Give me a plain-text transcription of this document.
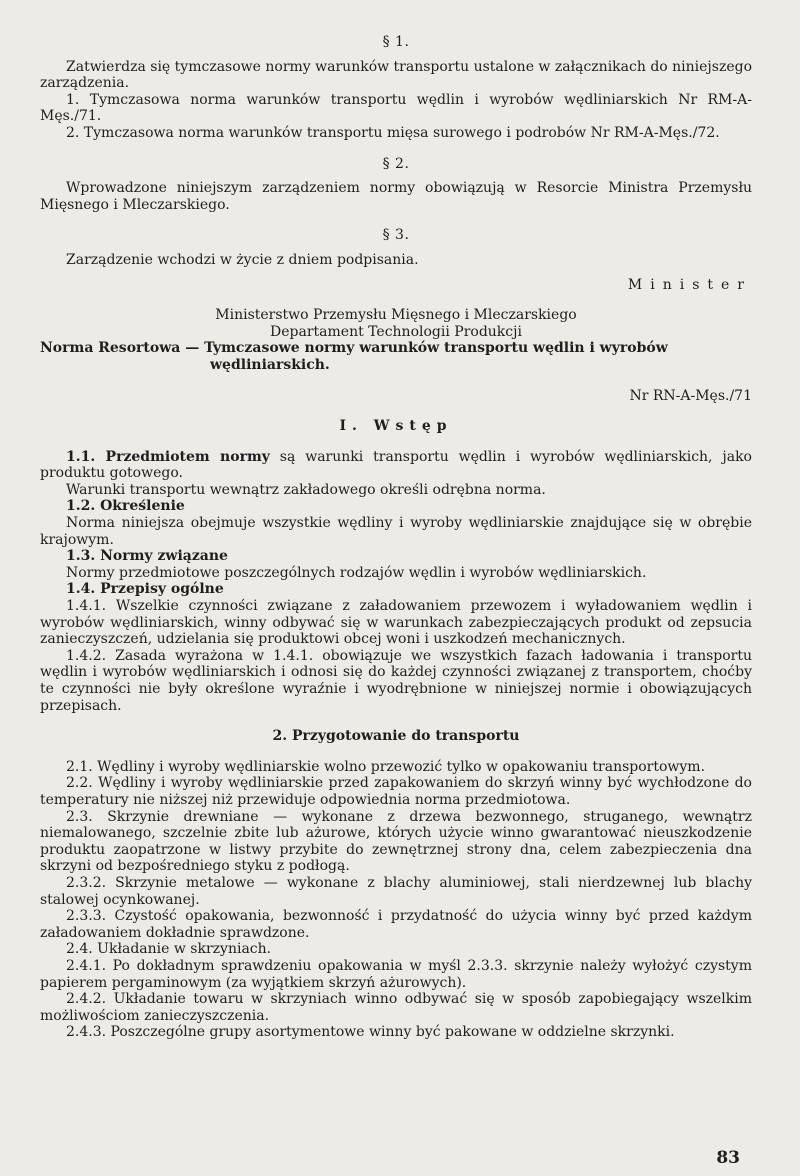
§ 1.

Zatwierdza się tymczasowe normy warunków transportu ustalone w załącznikach do niniejszego zarządzenia.

1. Tymczasowa norma warunków transportu wędlin i wyrobów wędliniarskich Nr RM-A-Męs./71.

2. Tymczasowa norma warunków transportu mięsa surowego i podrobów Nr RM-A-Męs./72.

§ 2.

Wprowadzone niniejszym zarządzeniem normy obowiązują w Resorcie Ministra Przemysłu Mięsnego i Mleczarskiego.

§ 3.

Zarządzenie wchodzi w życie z dniem podpisania.

Minister

Ministerstwo Przemysłu Mięsnego i Mleczarskiego

Departament Technologii Produkcji

Norma Resortowa — Tymczasowe normy warunków transportu wędlin i wyrobów wędliniarskich.

Nr RN-A-Męs./71

I. Wstęp

1.1. Przedmiotem normy są warunki transportu wędlin i wyrobów wędliniarskich, jako produktu gotowego.

Warunki transportu wewnątrz zakładowego określi odrębna norma.

1.2. Określenie

Norma niniejsza obejmuje wszystkie wędliny i wyroby wędliniarskie znajdujące się w obrębie krajowym.

1.3. Normy związane

Normy przedmiotowe poszczególnych rodzajów wędlin i wyrobów wędliniarskich.

1.4. Przepisy ogólne

1.4.1. Wszelkie czynności związane z załadowaniem przewozem i wyładowaniem wędlin i wyrobów wędliniarskich, winny odbywać się w warunkach zabezpieczających produkt od zepsucia zanieczyszczeń, udzielania się produktowi obcej woni i uszkodzeń mechanicznych.

1.4.2. Zasada wyrażona w 1.4.1. obowiązuje we wszystkich fazach ładowania i transportu wędlin i wyrobów wędliniarskich i odnosi się do każdej czynności związanej z transportem, choćby te czynności nie były określone wyraźnie i wyodrębnione w niniejszej normie i obowiązujących przepisach.

2. Przygotowanie do transportu

2.1. Wędliny i wyroby wędliniarskie wolno przewozić tylko w opakowaniu transportowym.

2.2. Wędliny i wyroby wędliniarskie przed zapakowaniem do skrzyń winny być wychłodzone do temperatury nie niższej niż przewiduje odpowiednia norma przedmiotowa.

2.3. Skrzynie drewniane — wykonane z drzewa bezwonnego, struganego, wewnątrz niemalowanego, szczelnie zbite lub ażurowe, których użycie winno gwarantować nieuszkodzenie produktu zaopatrzone w listwy przybite do zewnętrznej strony dna, celem zabezpieczenia dna skrzyni od bezpośredniego styku z podłogą.

2.3.2. Skrzynie metalowe — wykonane z blachy aluminiowej, stali nierdzewnej lub blachy stalowej ocynkowanej.

2.3.3. Czystość opakowania, bezwonność i przydatność do użycia winny być przed każdym załadowaniem dokładnie sprawdzone.

2.4. Układanie w skrzyniach.

2.4.1. Po dokładnym sprawdzeniu opakowania w myśl 2.3.3. skrzynie należy wyłożyć czystym papierem pergaminowym (za wyjątkiem skrzyń ażurowych).

2.4.2. Układanie towaru w skrzyniach winno odbywać się w sposób zapobiegający wszelkim możliwościom zanieczyszczenia.

2.4.3. Poszczególne grupy asortymentowe winny być pakowane w oddzielne skrzynki.

83
